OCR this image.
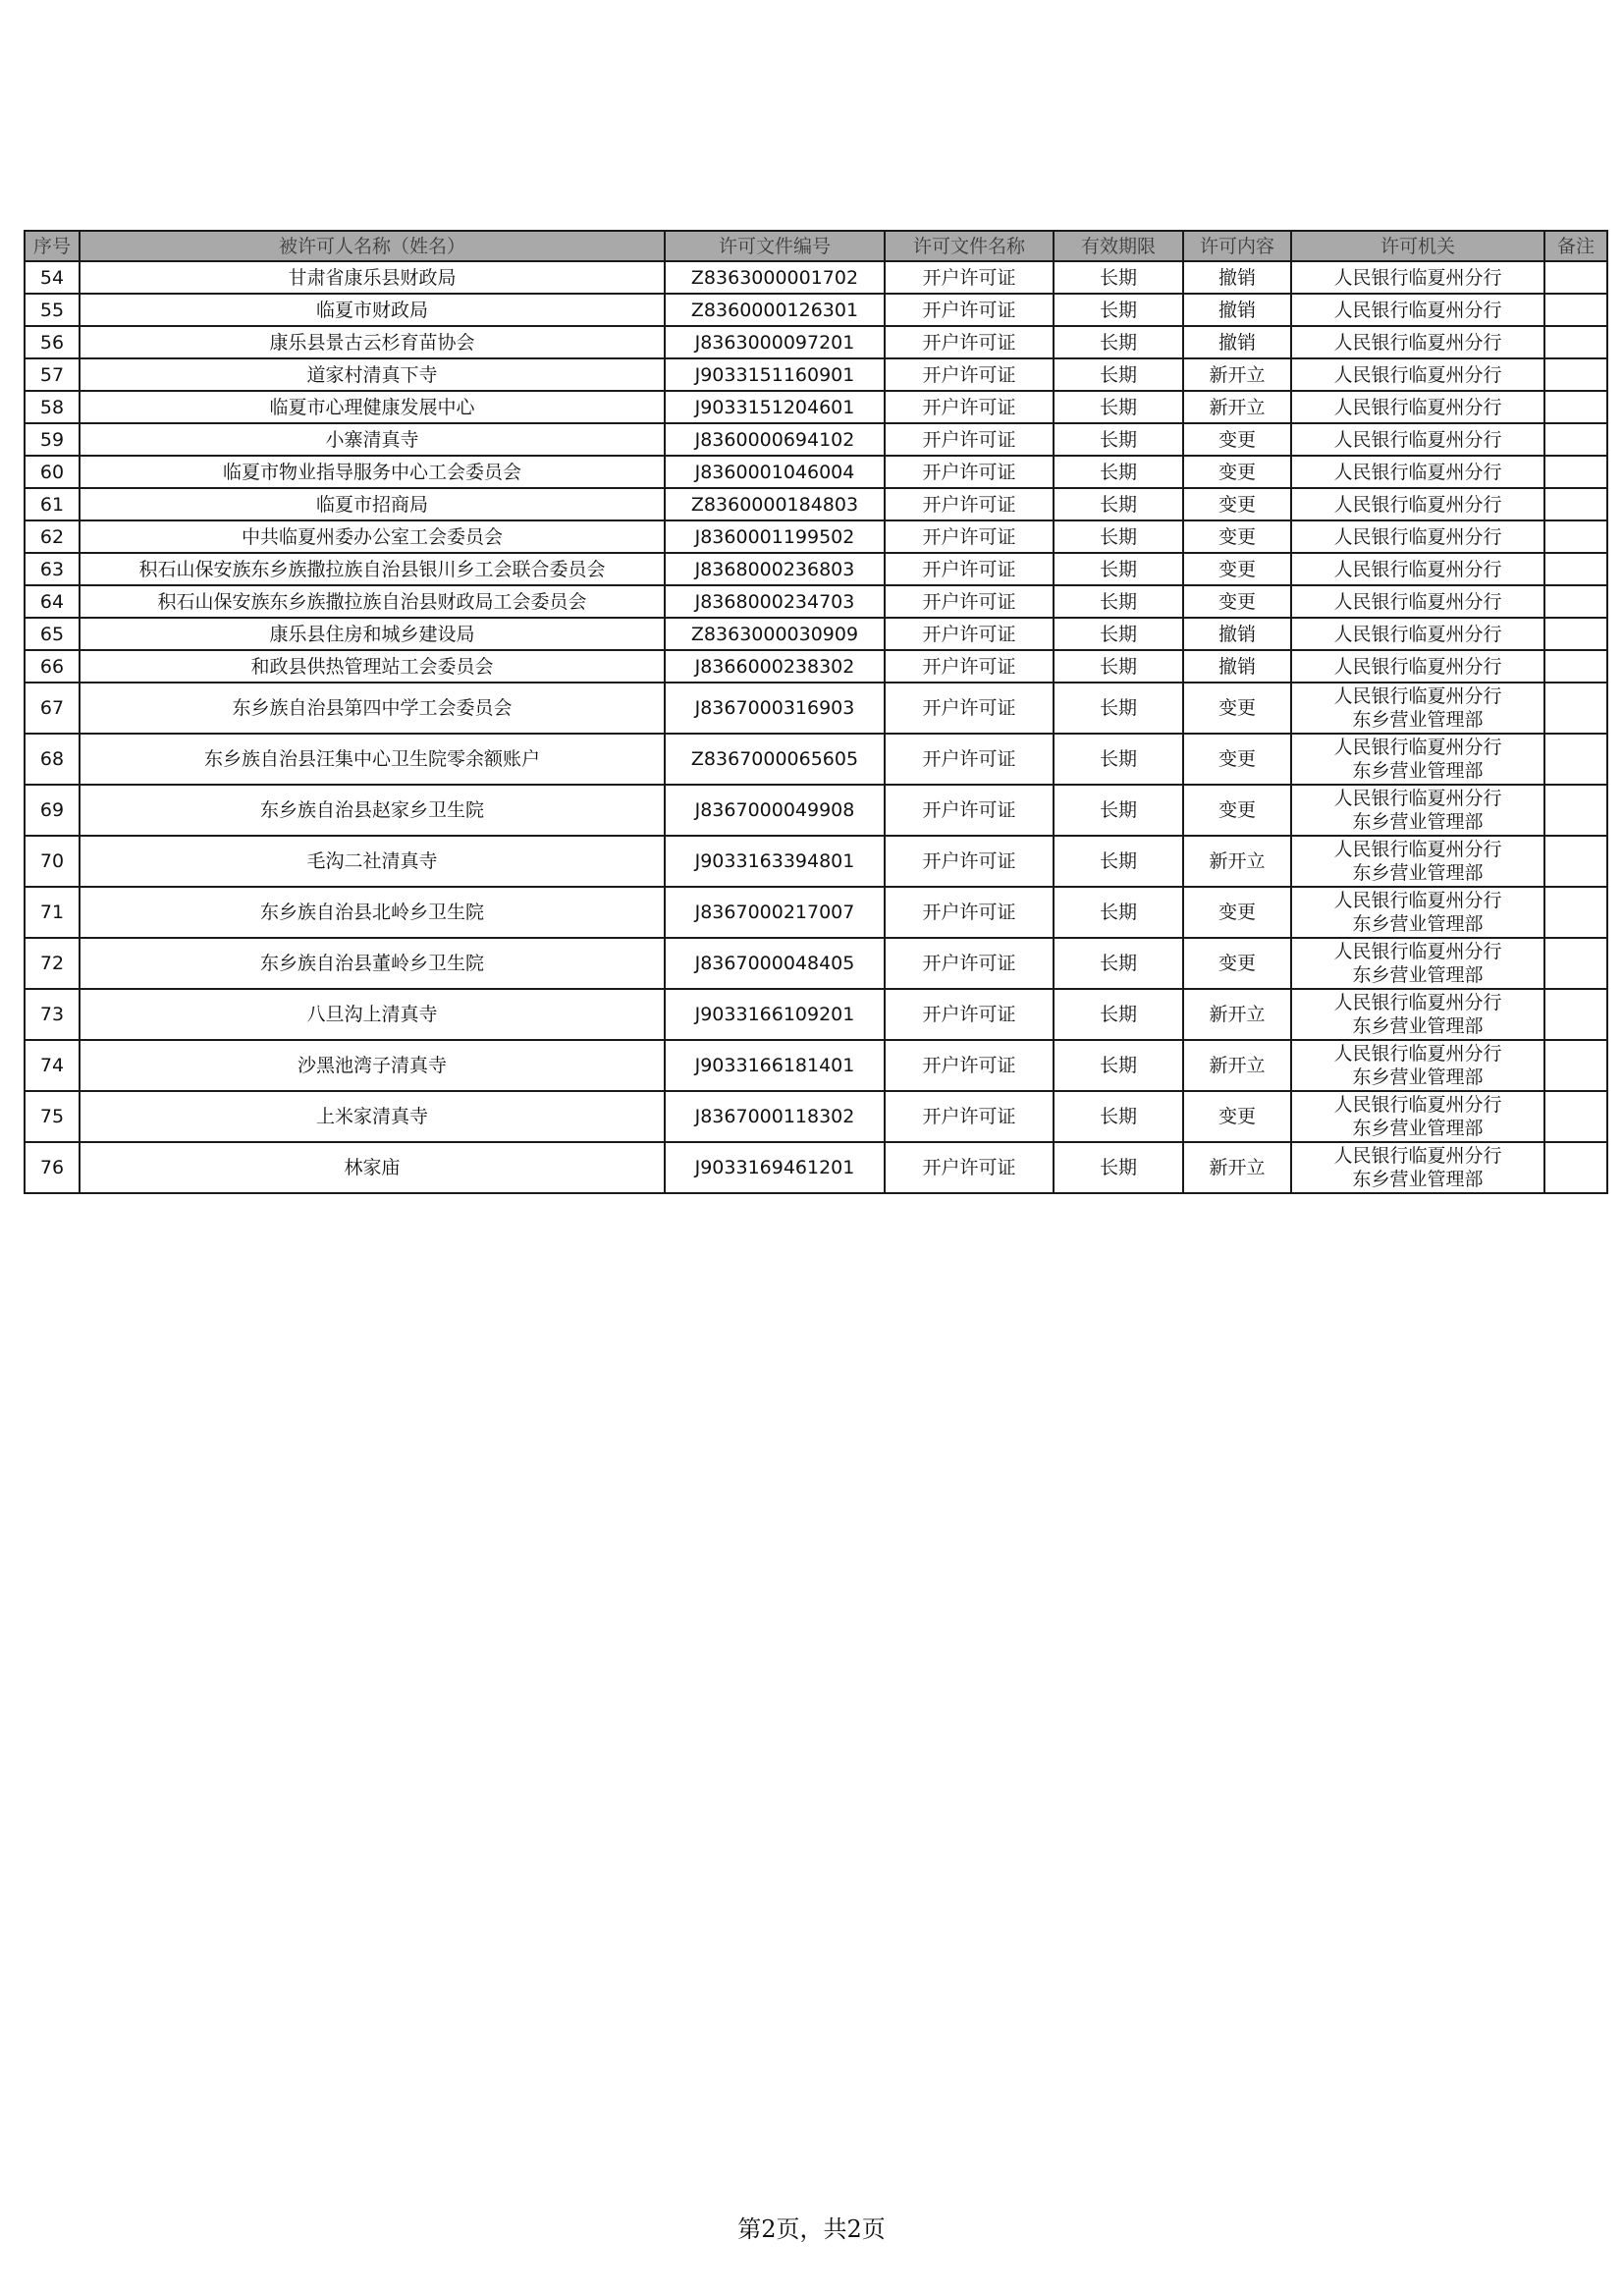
序号	被许可人名称（姓名）	许可文件编号	许可文件名称	有效期限	许可内容	许可机关	备注
54	甘肃省康乐县财政局	Z8363000001702	开户许可证	长期	撤销	人民银行临夏州分行	

55	临夏市财政局	Z8360000126301	开户许可证	长期	撤销	人民银行临夏州分行	

56	康乐县景古云杉育苗协会	J8363000097201	开户许可证	长期	撤销	人民银行临夏州分行	

57	道家村清真下寺	J9033151160901	开户许可证	长期	新开立	人民银行临夏州分行	

58	临夏市心理健康发展中心	J9033151204601	开户许可证	长期	新开立	人民银行临夏州分行	

59	小寨清真寺	J8360000694102	开户许可证	长期	变更	人民银行临夏州分行	

60	临夏市物业指导服务中心工会委员会	J8360001046004	开户许可证	长期	变更	人民银行临夏州分行	

61	临夏市招商局	Z8360000184803	开户许可证	长期	变更	人民银行临夏州分行	

62	中共临夏州委办公室工会委员会	J8360001199502	开户许可证	长期	变更	人民银行临夏州分行	

63	积石山保安族东乡族撒拉族自治县银川乡工会联合委员会	J8368000236803	开户许可证	长期	变更	人民银行临夏州分行	

64	积石山保安族东乡族撒拉族自治县财政局工会委员会	J8368000234703	开户许可证	长期	变更	人民银行临夏州分行	

65	康乐县住房和城乡建设局	Z8363000030909	开户许可证	长期	撤销	人民银行临夏州分行	

66	和政县供热管理站工会委员会	J8366000238302	开户许可证	长期	撤销	人民银行临夏州分行	

67	东乡族自治县第四中学工会委员会	J8367000316903	开户许可证	长期	变更	人民银行临夏州分行
东乡营业管理部	

68	东乡族自治县汪集中心卫生院零余额账户	Z8367000065605	开户许可证	长期	变更	人民银行临夏州分行
东乡营业管理部	

69	东乡族自治县赵家乡卫生院	J8367000049908	开户许可证	长期	变更	人民银行临夏州分行
东乡营业管理部	

70	毛沟二社清真寺	J9033163394801	开户许可证	长期	新开立	人民银行临夏州分行
东乡营业管理部	

71	东乡族自治县北岭乡卫生院	J8367000217007	开户许可证	长期	变更	人民银行临夏州分行
东乡营业管理部	

72	东乡族自治县董岭乡卫生院	J8367000048405	开户许可证	长期	变更	人民银行临夏州分行
东乡营业管理部	

73	八旦沟上清真寺	J9033166109201	开户许可证	长期	新开立	人民银行临夏州分行
东乡营业管理部	

74	沙黑池湾子清真寺	J9033166181401	开户许可证	长期	新开立	人民银行临夏州分行
东乡营业管理部	

75	上米家清真寺	J8367000118302	开户许可证	长期	变更	人民银行临夏州分行
东乡营业管理部	

76	林家庙	J9033169461201	开户许可证	长期	新开立	人民银行临夏州分行
东乡营业管理部	

第2页，共2页
